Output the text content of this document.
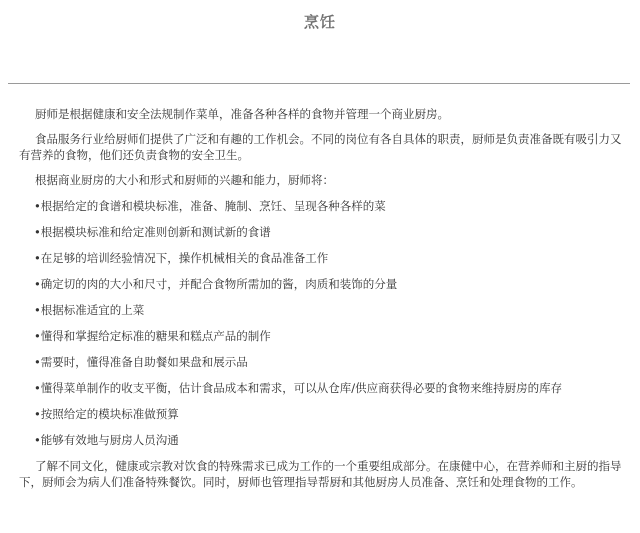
烹饪

厨师是根据健康和安全法规制作菜单，准备各种各样的食物并管理一个商业厨房。

食品服务行业给厨师们提供了广泛和有趣的工作机会。不同的岗位有各自具体的职责，厨师是负责准备既有吸引力又有营养的食物，他们还负责食物的安全卫生。

根据商业厨房的大小和形式和厨师的兴趣和能力，厨师将：

•根据给定的食谱和模块标准，准备、腌制、烹饪、呈现各种各样的菜
•根据模块标准和给定准则创新和测试新的食谱
•在足够的培训经验情况下，操作机械相关的食品准备工作
•确定切的肉的大小和尺寸，并配合食物所需加的酱，肉质和装饰的分量
•根据标准适宜的上菜
•懂得和掌握给定标准的糖果和糕点产品的制作
•需要时，懂得准备自助餐如果盘和展示品
•懂得菜单制作的收支平衡，估计食品成本和需求，可以从仓库/供应商获得必要的食物来维持厨房的库存
•按照给定的模块标准做预算
•能够有效地与厨房人员沟通

了解不同文化，健康或宗教对饮食的特殊需求已成为工作的一个重要组成部分。在康健中心，在营养师和主厨的指导下，厨师会为病人们准备特殊餐饮。同时，厨师也管理指导帮厨和其他厨房人员准备、烹饪和处理食物的工作。
